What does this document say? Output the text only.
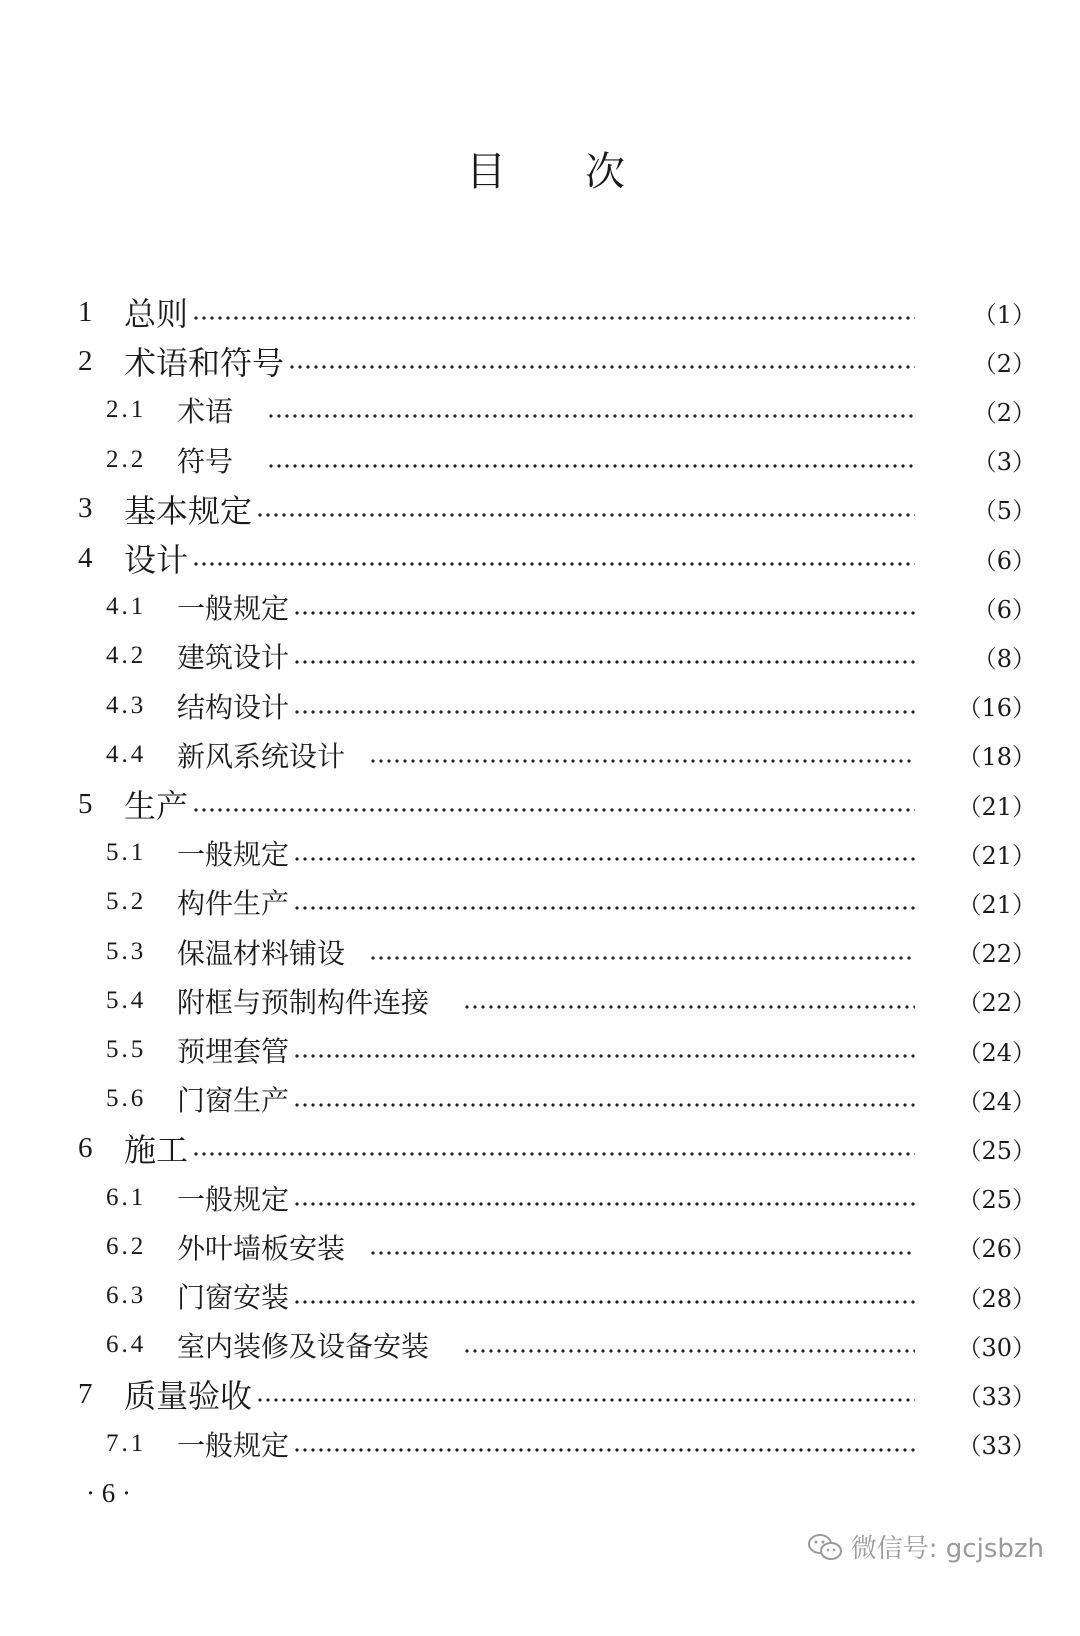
目 次
1 总则	（1）
2 术语和符号	（2）
2.1 术语	（2）
2.2 符号	（3）
3 基本规定	（5）
4 设计	（6）
4.1 一般规定	（6）
4.2 建筑设计	（8）
4.3 结构设计	（16）
4.4 新风系统设计	（18）
5 生产	（21）
5.1 一般规定	（21）
5.2 构件生产	（21）
5.3 保温材料铺设	（22）
5.4 附框与预制构件连接	（22）
5.5 预埋套管	（24）
5.6 门窗生产	（24）
6 施工	（25）
6.1 一般规定	（25）
6.2 外叶墙板安装	（26）
6.3 门窗安装	（28）
6.4 室内装修及设备安装	（30）
7 质量验收	（33）
7.1 一般规定	（33）
· 6 ·
微信号: gcjsbzh
